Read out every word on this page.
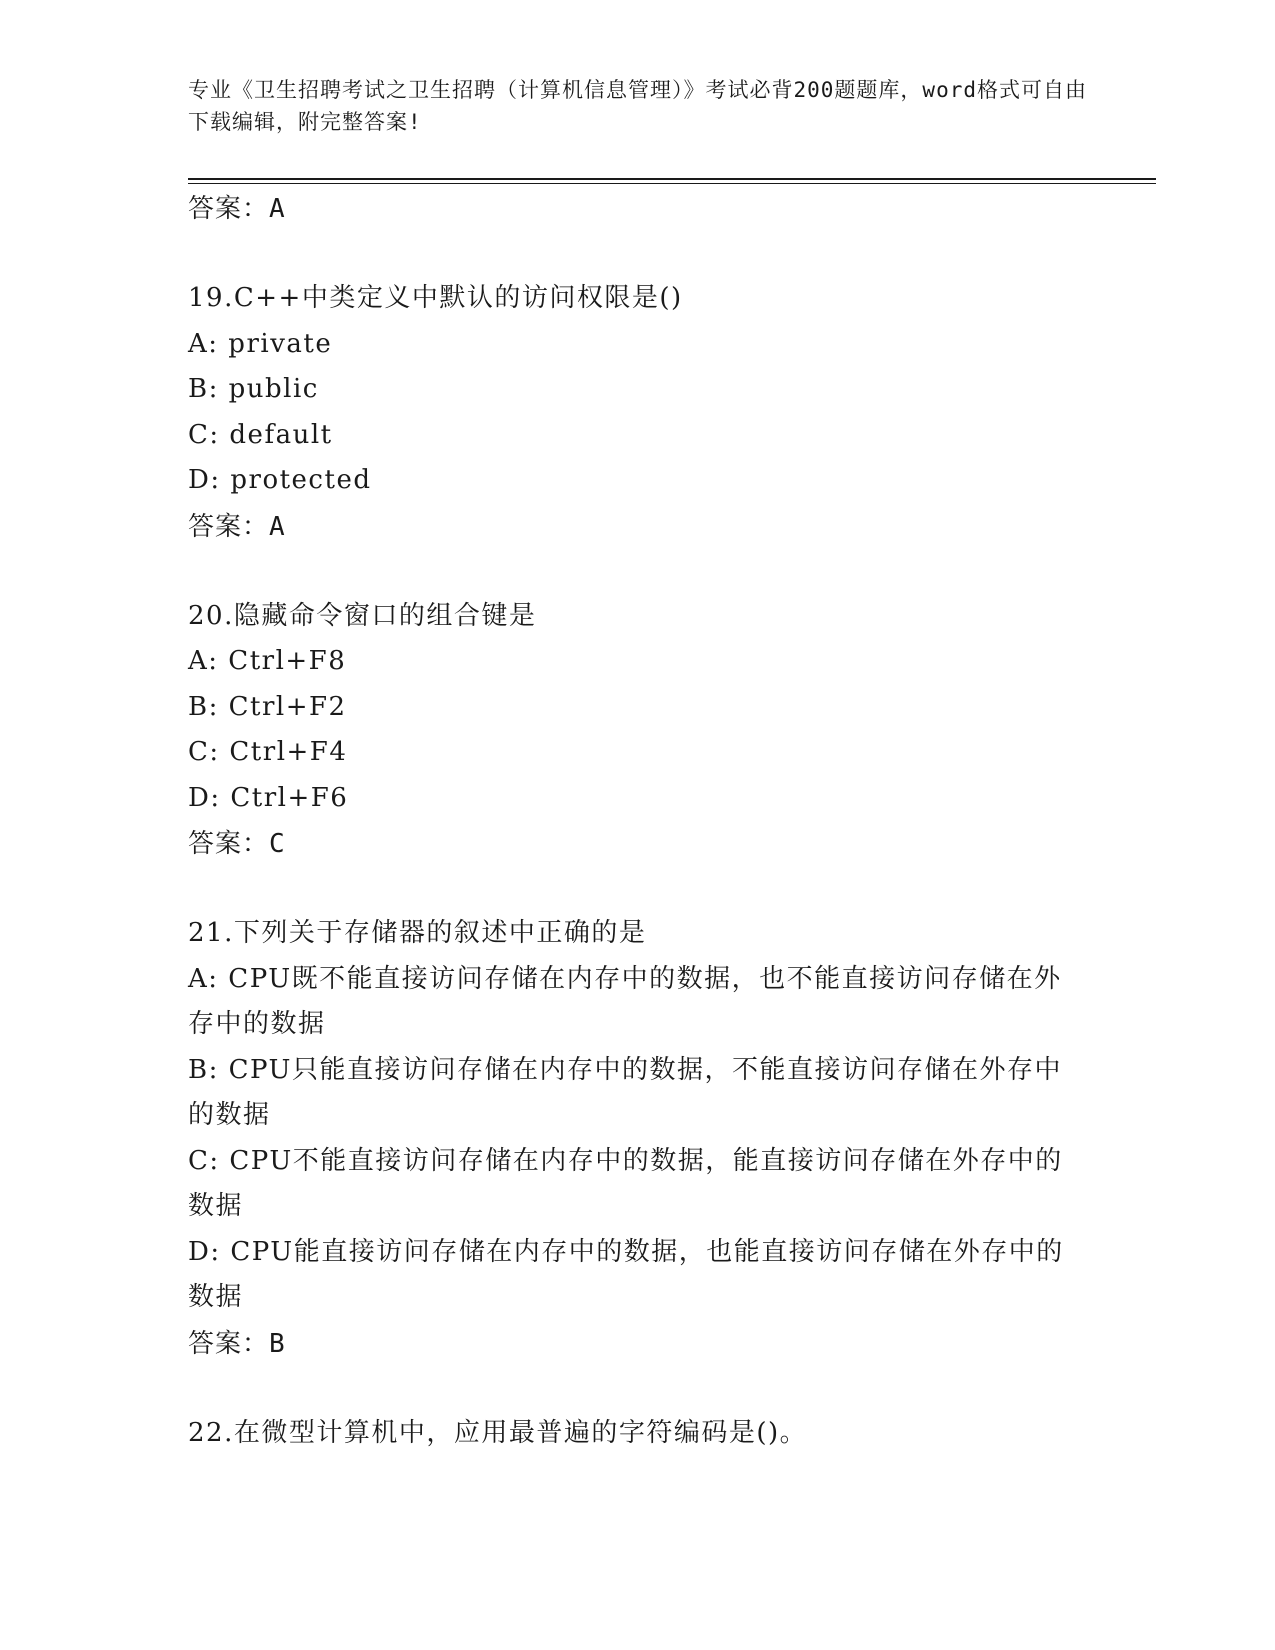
专业《卫生招聘考试之卫生招聘（计算机信息管理）》考试必背200题题库，word格式可自由下载编辑，附完整答案!
答案：A
19.C++中类定义中默认的访问权限是()
A: private
B: public
C: default
D: protected
答案：A
20.隐藏命令窗口的组合键是
A: Ctrl+F8
B: Ctrl+F2
C: Ctrl+F4
D: Ctrl+F6
答案：C
21.下列关于存储器的叙述中正确的是
A: CPU既不能直接访问存储在内存中的数据，也不能直接访问存储在外存中的数据
B: CPU只能直接访问存储在内存中的数据，不能直接访问存储在外存中的数据
C: CPU不能直接访问存储在内存中的数据，能直接访问存储在外存中的数据
D: CPU能直接访问存储在内存中的数据，也能直接访问存储在外存中的数据
答案：B
22.在微型计算机中，应用最普遍的字符编码是()。
